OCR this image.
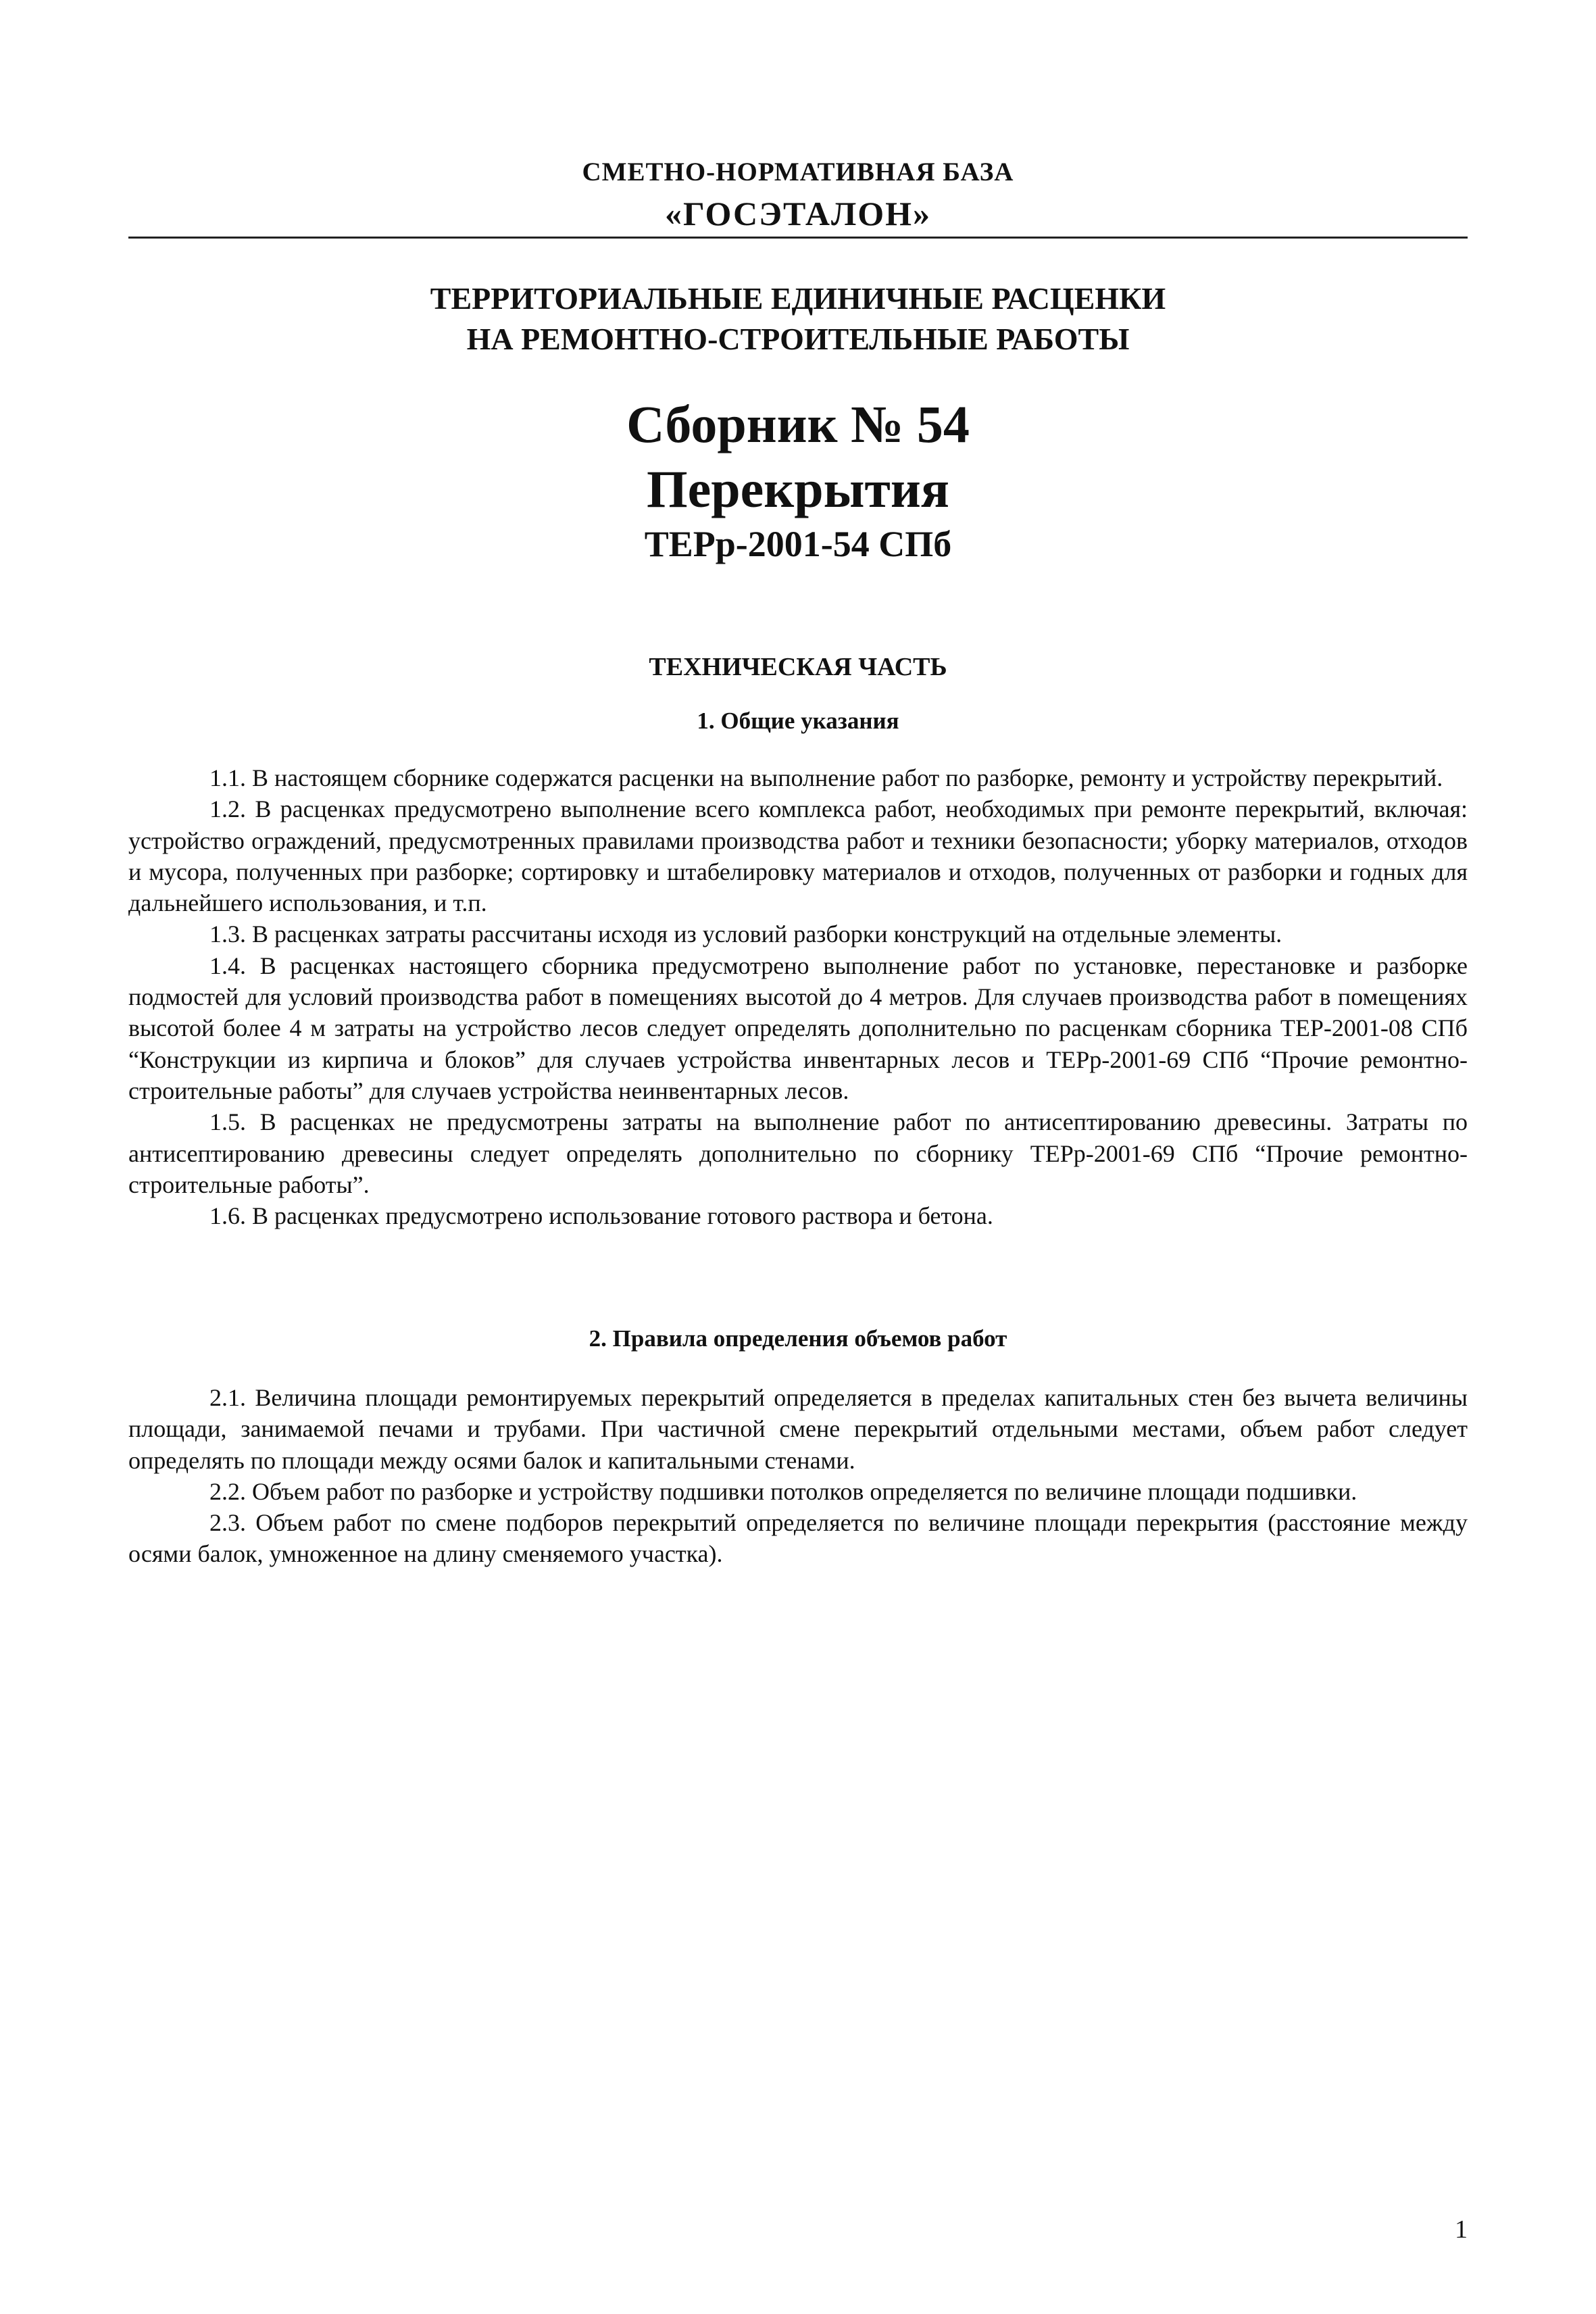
СМЕТНО-НОРМАТИВНАЯ БАЗА
«ГОСЭТАЛОН»
ТЕРРИТОРИАЛЬНЫЕ ЕДИНИЧНЫЕ РАСЦЕНКИ
НА РЕМОНТНО-СТРОИТЕЛЬНЫЕ РАБОТЫ
Сборник № 54
Перекрытия
ТЕРр-2001-54 СПб
ТЕХНИЧЕСКАЯ ЧАСТЬ
1. Общие указания

1.1. В настоящем сборнике содержатся расценки на выполнение работ по разборке, ремонту и устройству перекрытий.

1.2. В расценках предусмотрено выполнение всего комплекса работ, необходимых при ремонте перекрытий, включая: устройство ограждений, предусмотренных правилами производства работ и техники безопасности; уборку материалов, отходов и мусора, полученных при разборке; сортировку и штабелировку материалов и отходов, полученных от разборки и годных для дальнейшего использования, и т.п.

1.3. В расценках затраты рассчитаны исходя из условий разборки конструкций на отдельные элементы.

1.4. В расценках настоящего сборника предусмотрено выполнение работ по установке, перестановке и разборке подмостей для условий производства работ в помещениях высотой до 4 метров. Для случаев производства работ в помещениях высотой более 4 м затраты на устройство лесов следует определять дополнительно по расценкам сборника ТЕР-2001-08 СПб “Конструкции из кирпича и блоков” для случаев устройства инвентарных лесов и ТЕРр-2001-69 СПб “Прочие ремонтно-строительные работы” для случаев устройства неинвентарных лесов.

1.5. В расценках не предусмотрены затраты на выполнение работ по антисептированию древесины. Затраты по антисептированию древесины следует определять дополнительно по сборнику ТЕРр-2001-69 СПб “Прочие ремонтно-строительные работы”.

1.6. В расценках предусмотрено использование готового раствора и бетона.

2. Правила определения объемов работ

2.1. Величина площади ремонтируемых перекрытий определяется в пределах капитальных стен без вычета величины площади, занимаемой печами и трубами. При частичной смене перекрытий отдельными местами, объем работ следует определять по площади между осями балок и капитальными стенами.

2.2. Объем работ по разборке и устройству подшивки потолков определяется по величине площади подшивки.

2.3. Объем работ по смене подборов перекрытий определяется по величине площади перекрытия (расстояние между осями балок, умноженное на длину сменяемого участка).

1
